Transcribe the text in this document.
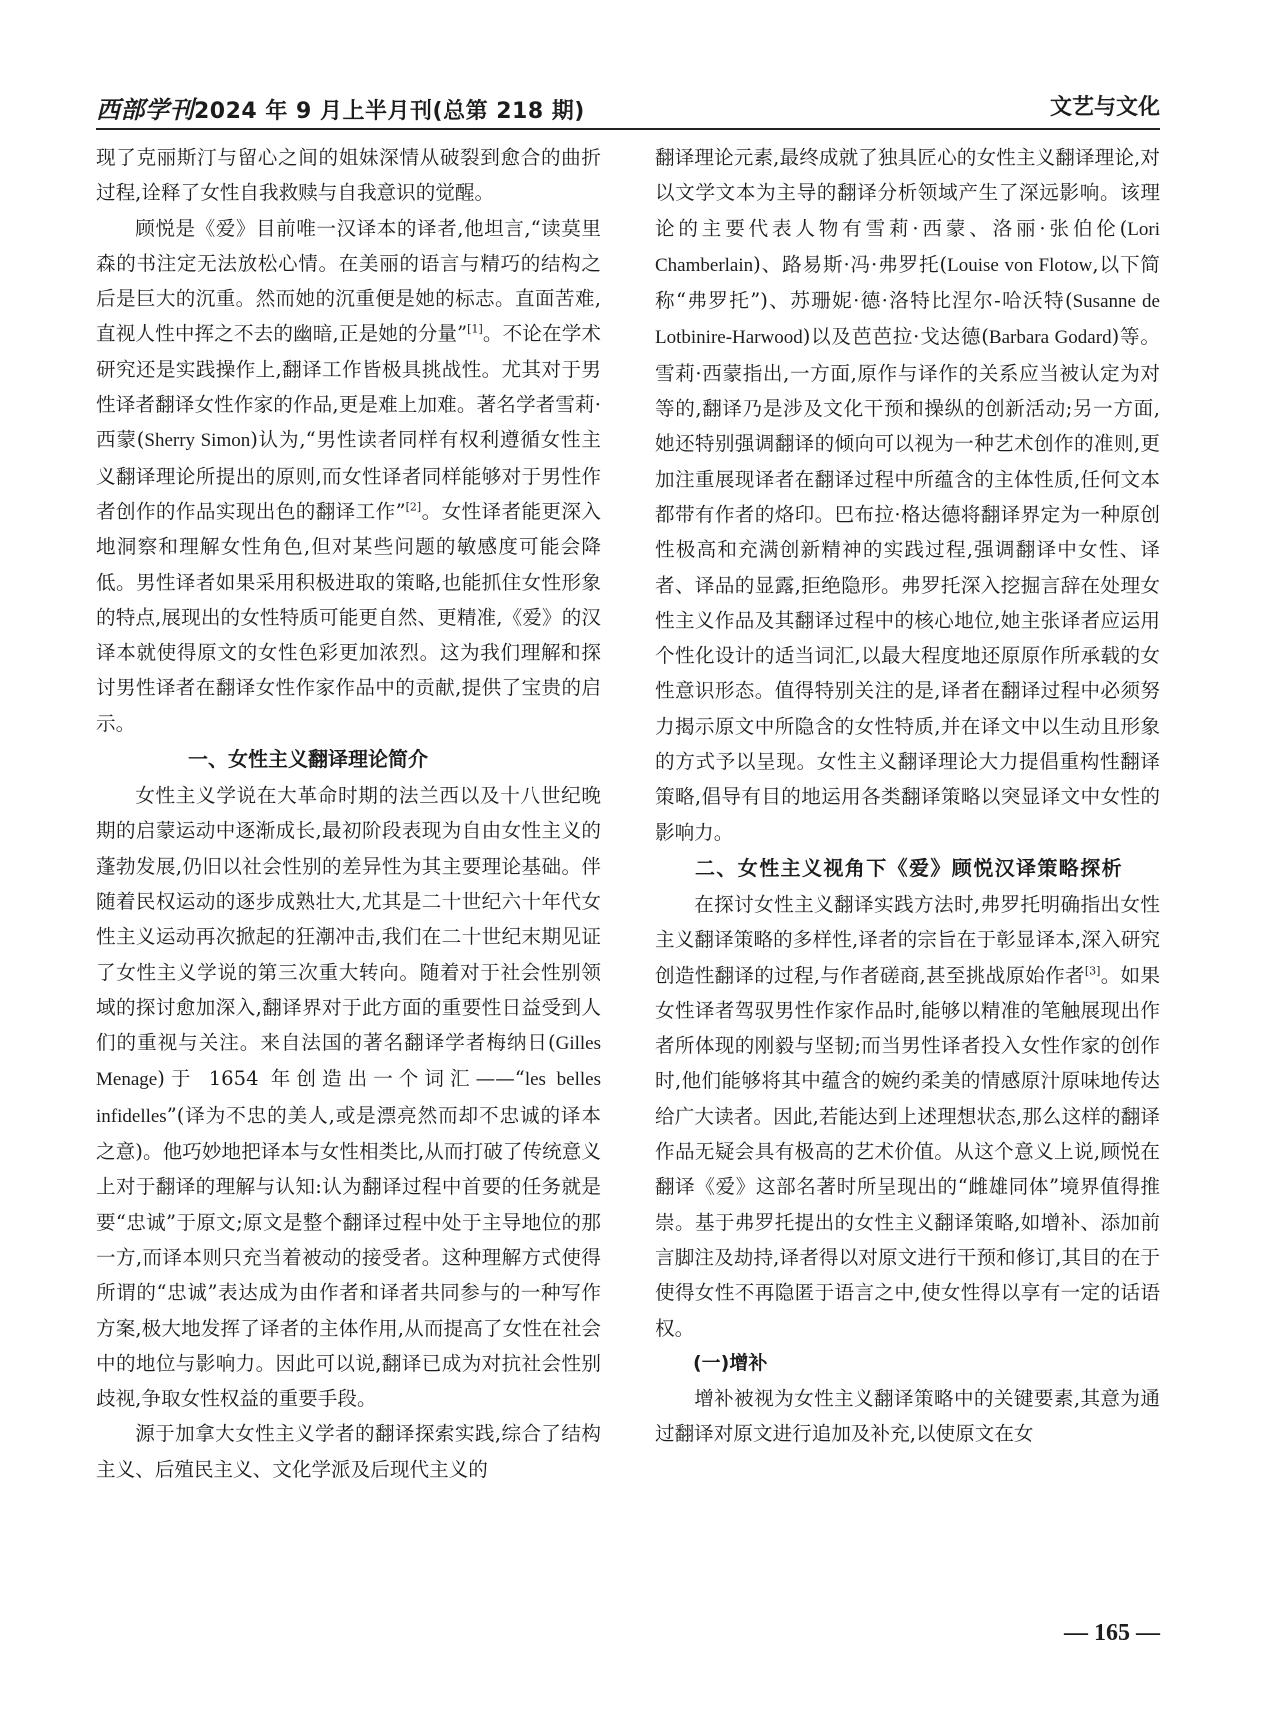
西部学刊2024 年 9 月上半月刊(总第 218 期)	文艺与文化

现了克丽斯汀与留心之间的姐妹深情从破裂到愈合的曲折过程,诠释了女性自我救赎与自我意识的觉醒。

顾悦是《爱》目前唯一汉译本的译者,他坦言,“读莫里森的书注定无法放松心情。在美丽的语言与精巧的结构之后是巨大的沉重。然而她的沉重便是她的标志。直面苦难,直视人性中挥之不去的幽暗,正是她的分量”[1]。不论在学术研究还是实践操作上,翻译工作皆极具挑战性。尤其对于男性译者翻译女性作家的作品,更是难上加难。著名学者雪莉·西蒙(Sherry Simon)认为,“男性读者同样有权利遵循女性主义翻译理论所提出的原则,而女性译者同样能够对于男性作者创作的作品实现出色的翻译工作”[2]。女性译者能更深入地洞察和理解女性角色,但对某些问题的敏感度可能会降低。男性译者如果采用积极进取的策略,也能抓住女性形象的特点,展现出的女性特质可能更自然、更精准,《爱》的汉译本就使得原文的女性色彩更加浓烈。这为我们理解和探讨男性译者在翻译女性作家作品中的贡献,提供了宝贵的启示。

一、女性主义翻译理论简介

女性主义学说在大革命时期的法兰西以及十八世纪晚期的启蒙运动中逐渐成长,最初阶段表现为自由女性主义的蓬勃发展,仍旧以社会性别的差异性为其主要理论基础。伴随着民权运动的逐步成熟壮大,尤其是二十世纪六十年代女性主义运动再次掀起的狂潮冲击,我们在二十世纪末期见证了女性主义学说的第三次重大转向。随着对于社会性别领域的探讨愈加深入,翻译界对于此方面的重要性日益受到人们的重视与关注。来自法国的著名翻译学者梅纳日(Gilles Menage)于 1654 年创造出一个词汇——“les belles infidelles”(译为不忠的美人,或是漂亮然而却不忠诚的译本之意)。他巧妙地把译本与女性相类比,从而打破了传统意义上对于翻译的理解与认知:认为翻译过程中首要的任务就是要“忠诚”于原文;原文是整个翻译过程中处于主导地位的那一方,而译本则只充当着被动的接受者。这种理解方式使得所谓的“忠诚”表达成为由作者和译者共同参与的一种写作方案,极大地发挥了译者的主体作用,从而提高了女性在社会中的地位与影响力。因此可以说,翻译已成为对抗社会性别歧视,争取女性权益的重要手段。

源于加拿大女性主义学者的翻译探索实践,综合了结构主义、后殖民主义、文化学派及后现代主义的

翻译理论元素,最终成就了独具匠心的女性主义翻译理论,对以文学文本为主导的翻译分析领域产生了深远影响。该理论的主要代表人物有雪莉·西蒙、洛丽·张伯伦(Lori Chamberlain)、路易斯·冯·弗罗托(Louise von Flotow,以下简称“弗罗托”)、苏珊妮·德·洛特比涅尔-哈沃特(Susanne de Lotbinire-Harwood)以及芭芭拉·戈达德(Barbara Godard)等。雪莉·西蒙指出,一方面,原作与译作的关系应当被认定为对等的,翻译乃是涉及文化干预和操纵的创新活动;另一方面,她还特别强调翻译的倾向可以视为一种艺术创作的准则,更加注重展现译者在翻译过程中所蕴含的主体性质,任何文本都带有作者的烙印。巴布拉·格达德将翻译界定为一种原创性极高和充满创新精神的实践过程,强调翻译中女性、译者、译品的显露,拒绝隐形。弗罗托深入挖掘言辞在处理女性主义作品及其翻译过程中的核心地位,她主张译者应运用个性化设计的适当词汇,以最大程度地还原原作所承载的女性意识形态。值得特别关注的是,译者在翻译过程中必须努力揭示原文中所隐含的女性特质,并在译文中以生动且形象的方式予以呈现。女性主义翻译理论大力提倡重构性翻译策略,倡导有目的地运用各类翻译策略以突显译文中女性的影响力。

二、女性主义视角下《爱》顾悦汉译策略探析

在探讨女性主义翻译实践方法时,弗罗托明确指出女性主义翻译策略的多样性,译者的宗旨在于彰显译本,深入研究创造性翻译的过程,与作者磋商,甚至挑战原始作者[3]。如果女性译者驾驭男性作家作品时,能够以精准的笔触展现出作者所体现的刚毅与坚韧;而当男性译者投入女性作家的创作时,他们能够将其中蕴含的婉约柔美的情感原汁原味地传达给广大读者。因此,若能达到上述理想状态,那么这样的翻译作品无疑会具有极高的艺术价值。从这个意义上说,顾悦在翻译《爱》这部名著时所呈现出的“雌雄同体”境界值得推崇。基于弗罗托提出的女性主义翻译策略,如增补、添加前言脚注及劫持,译者得以对原文进行干预和修订,其目的在于使得女性不再隐匿于语言之中,使女性得以享有一定的话语权。

(一)增补

增补被视为女性主义翻译策略中的关键要素,其意为通过翻译对原文进行追加及补充,以使原文在女

— 165 —
